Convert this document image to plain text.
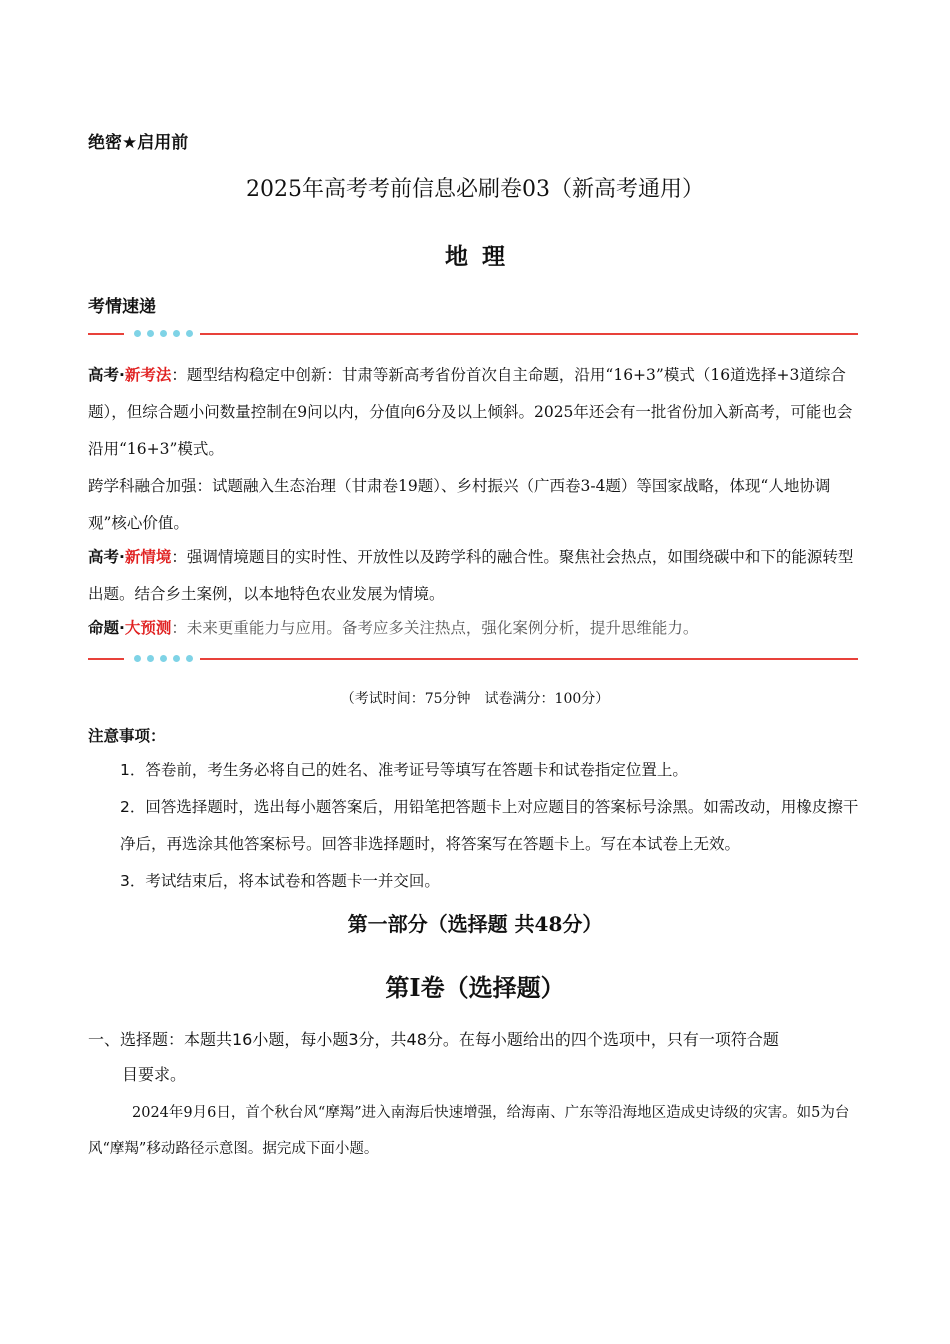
绝密★启用前
2025年高考考前信息必刷卷03（新高考通用）
地理
考情速递
高考·新考法：题型结构稳定中创新：甘肃等新高考省份首次自主命题，沿用“16+3”模式（16道选择+3道综合题），但综合题小问数量控制在9问以内，分值向6分及以上倾斜。2025年还会有一批省份加入新高考，可能也会沿用“16+3”模式。
跨学科融合加强：试题融入生态治理（甘肃卷19题）、乡村振兴（广西卷3-4题）等国家战略，体现“人地协调观”核心价值。
高考·新情境：强调情境题目的实时性、开放性以及跨学科的融合性。聚焦社会热点，如围绕碳中和下的能源转型出题。结合乡土案例，以本地特色农业发展为情境。
命题·大预测：未来更重能力与应用。备考应多关注热点，强化案例分析，提升思维能力。
（考试时间：75分钟　试卷满分：100分）
注意事项：

1．答卷前，考生务必将自己的姓名、准考证号等填写在答题卡和试卷指定位置上。

2．回答选择题时，选出每小题答案后，用铅笔把答题卡上对应题目的答案标号涂黑。如需改动，用橡皮擦干净后，再选涂其他答案标号。回答非选择题时，将答案写在答题卡上。写在本试卷上无效。

3．考试结束后，将本试卷和答题卡一并交回。

第一部分（选择题 共48分）
第Ⅰ卷（选择题）
一、选择题：本题共16小题，每小题3分，共48分。在每小题给出的四个选项中，只有一项符合题
目要求。

2024年9月6日，首个秋台风“摩羯”进入南海后快速增强，给海南、广东等沿海地区造成史诗级的灾害。如5为台风“摩羯”移动路径示意图。据完成下面小题。
